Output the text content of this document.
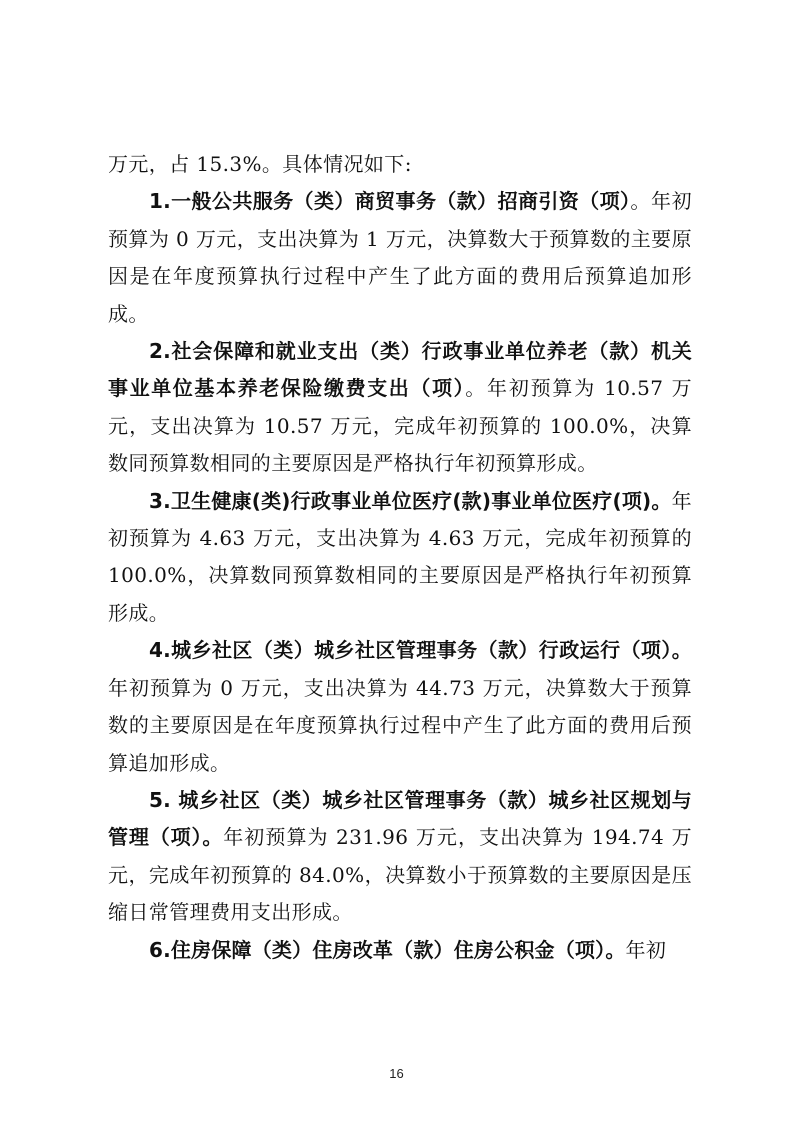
万元，占 15.3%。具体情况如下:

1.一般公共服务（类）商贸事务（款）招商引资（项）。年初预算为 0 万元，支出决算为 1 万元，决算数大于预算数的主要原因是在年度预算执行过程中产生了此方面的费用后预算追加形成。

2.社会保障和就业支出（类）行政事业单位养老（款）机关事业单位基本养老保险缴费支出（项）。年初预算为 10.57 万元，支出决算为 10.57 万元，完成年初预算的 100.0%，决算数同预算数相同的主要原因是严格执行年初预算形成。

3.卫生健康(类)行政事业单位医疗(款)事业单位医疗(项)。年初预算为 4.63 万元，支出决算为 4.63 万元，完成年初预算的 100.0%，决算数同预算数相同的主要原因是严格执行年初预算形成。

4.城乡社区（类）城乡社区管理事务（款）行政运行（项）。年初预算为 0 万元，支出决算为 44.73 万元，决算数大于预算数的主要原因是在年度预算执行过程中产生了此方面的费用后预算追加形成。

5. 城乡社区（类）城乡社区管理事务（款）城乡社区规划与管理（项）。年初预算为 231.96 万元，支出决算为 194.74 万元，完成年初预算的 84.0%，决算数小于预算数的主要原因是压缩日常管理费用支出形成。

6.住房保障（类）住房改革（款）住房公积金（项）。年初

16
